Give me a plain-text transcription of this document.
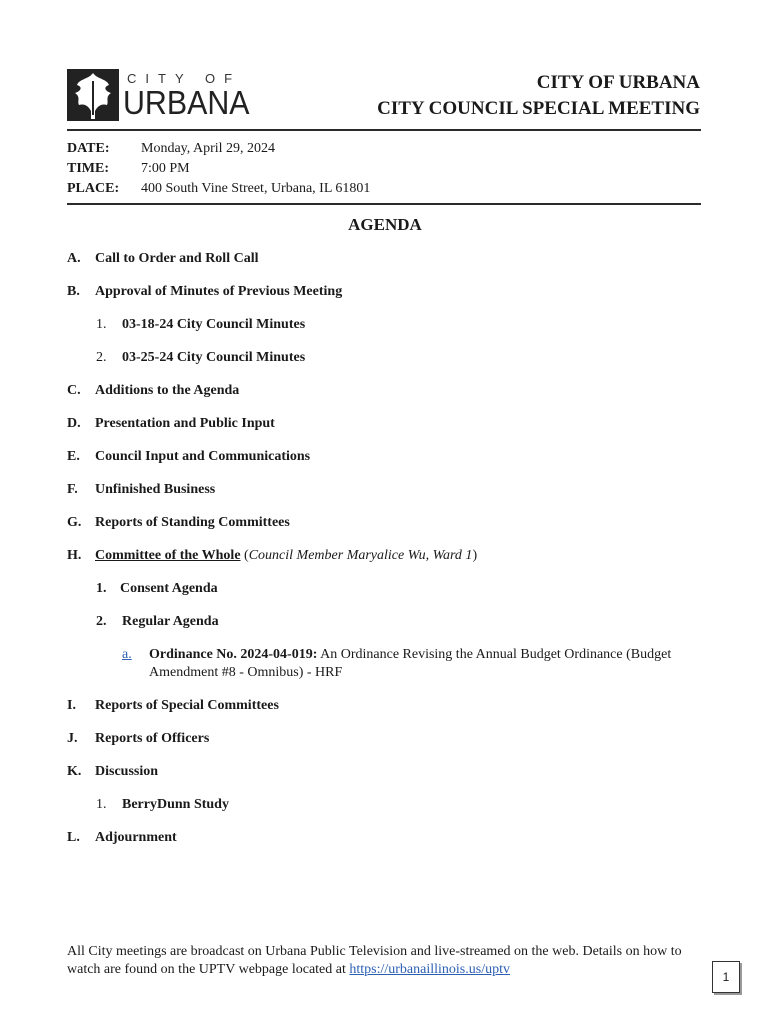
CITY OF
URBANA
CITY OF URBANA
CITY COUNCIL SPECIAL MEETING
DATE:	Monday, April 29, 2024
TIME:	7:00 PM
PLACE:	400 South Vine Street, Urbana, IL 61801
AGENDA
A. Call to Order and Roll Call
B. Approval of Minutes of Previous Meeting
1. 03-18-24 City Council Minutes
2. 03-25-24 City Council Minutes
C. Additions to the Agenda
D. Presentation and Public Input
E. Council Input and Communications
F. Unfinished Business
G. Reports of Standing Committees
H. Committee of the Whole (Council Member Maryalice Wu, Ward 1)
1. Consent Agenda
2. Regular Agenda
a. Ordinance No. 2024-04-019: An Ordinance Revising the Annual Budget Ordinance (Budget Amendment #8 - Omnibus) - HRF
I. Reports of Special Committees
J. Reports of Officers
K. Discussion
1. BerryDunn Study
L. Adjournment
All City meetings are broadcast on Urbana Public Television and live-streamed on the web. Details on how to watch are found on the UPTV webpage located at https://urbanaillinois.us/uptv	1
